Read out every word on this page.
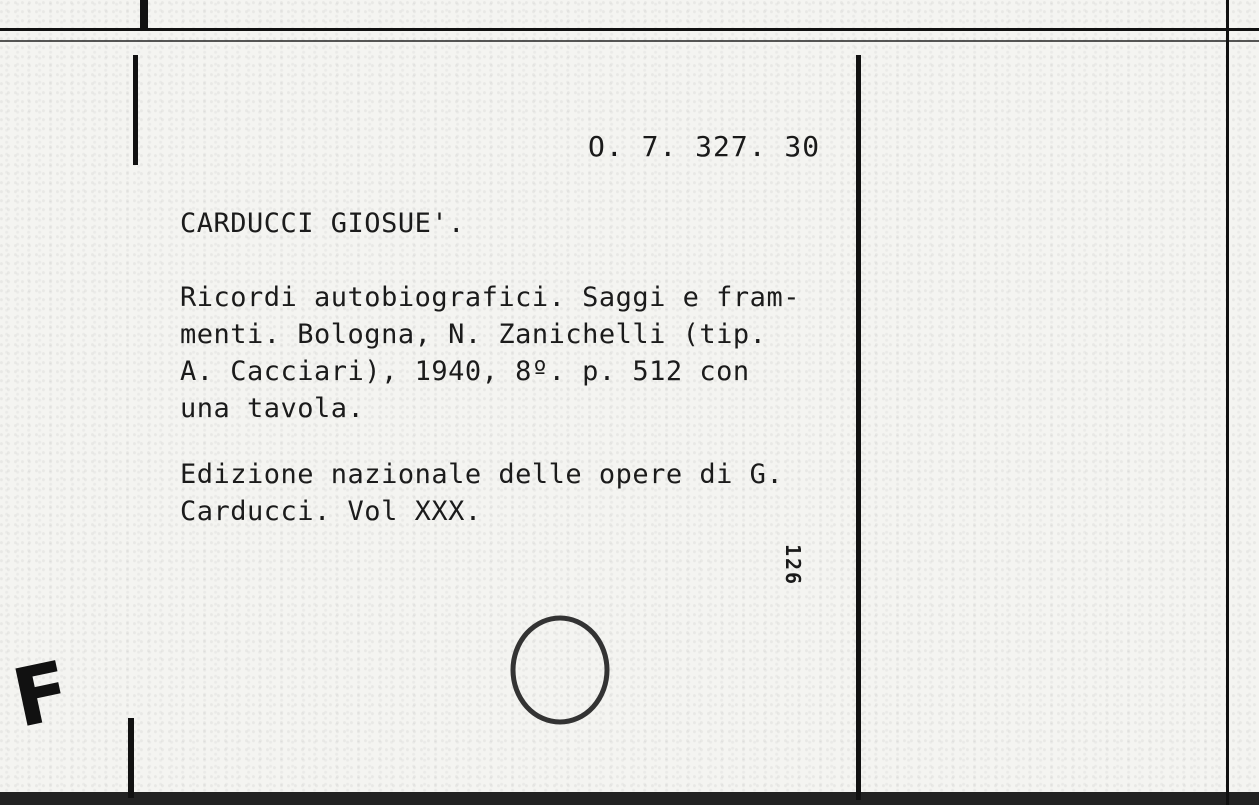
O. 7. 327. 30
CARDUCCI GIOSUE'.
Ricordi autobiografici. Saggi e fram-
menti. Bologna, N. Zanichelli (tip.
A. Cacciari), 1940, 8º. p. 512 con
una tavola.
Edizione nazionale delle opere di G.
Carducci. Vol XXX.
126
F
